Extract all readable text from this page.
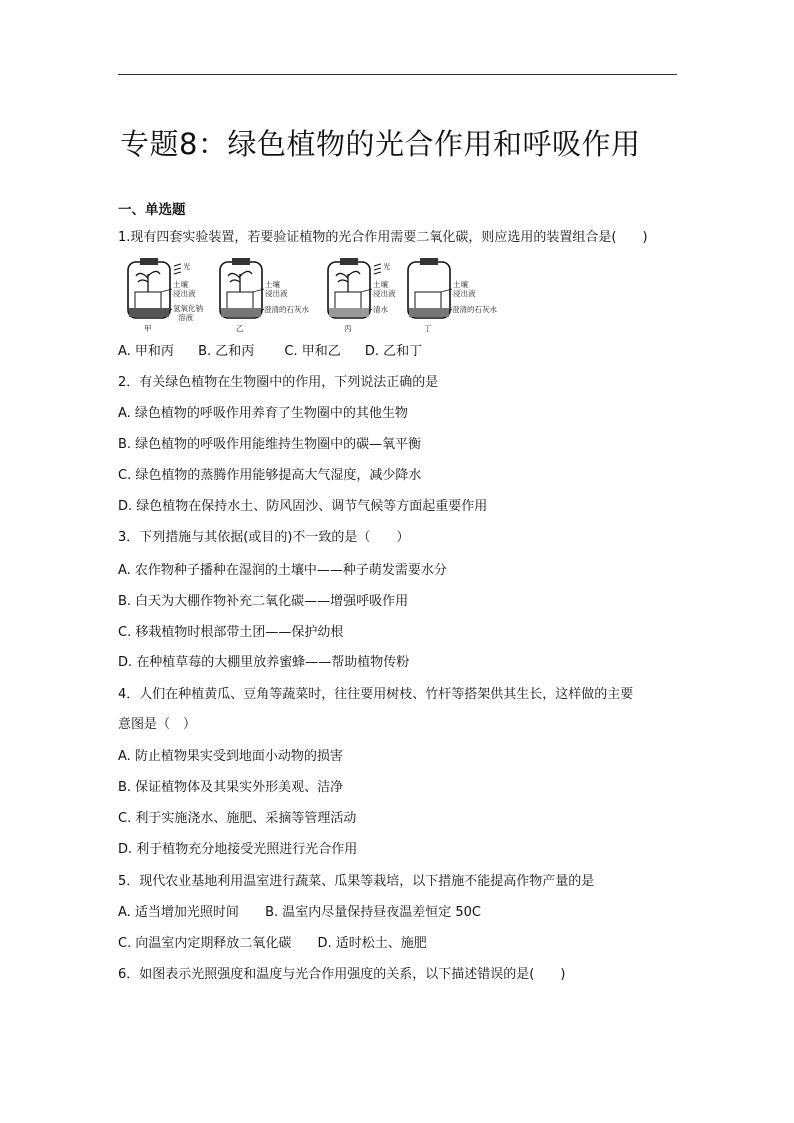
专题8：绿色植物的光合作用和呼吸作用
一、单选题
1.现有四套实验装置，若要验证植物的光合作用需要二氧化碳，则应选用的装置组合是(　　)
光
土壤
浸出液
氢氧化钠
溶液
甲
土壤
浸出液
澄清的石灰水
乙
光
土壤
浸出液
清水
丙
土壤
浸出液
澄清的石灰水
丁
A. 甲和丙 B. 乙和丙 C. 甲和乙 D. 乙和丁
2．有关绿色植物在生物圈中的作用，下列说法正确的是
A. 绿色植物的呼吸作用养育了生物圈中的其他生物
B. 绿色植物的呼吸作用能维持生物圈中的碳—氧平衡
C. 绿色植物的蒸腾作用能够提高大气湿度，减少降水
D. 绿色植物在保持水土、防风固沙、调节气候等方面起重要作用
3．下列措施与其依据(或目的)不一致的是（　　）
A. 农作物种子播种在湿润的土壤中——种子萌发需要水分
B. 白天为大棚作物补充二氧化碳——增强呼吸作用
C. 移栽植物时根部带土团——保护幼根
D. 在种植草莓的大棚里放养蜜蜂——帮助植物传粉
4．人们在种植黄瓜、豆角等蔬菜时，往往要用树枝、竹杆等搭架供其生长，这样做的主要
意图是（　）
A. 防止植物果实受到地面小动物的损害
B. 保证植物体及其果实外形美观、洁净
C. 利于实施浇水、施肥、采摘等管理活动
D. 利于植物充分地接受光照进行光合作用
5．现代农业基地利用温室进行蔬菜、瓜果等栽培，以下措施不能提高作物产量的是
A. 适当增加光照时间 B. 温室内尽量保持昼夜温差恒定 50C
C. 向温室内定期释放二氧化碳 D. 适时松土、施肥
6．如图表示光照强度和温度与光合作用强度的关系，以下描述错误的是(　　)
